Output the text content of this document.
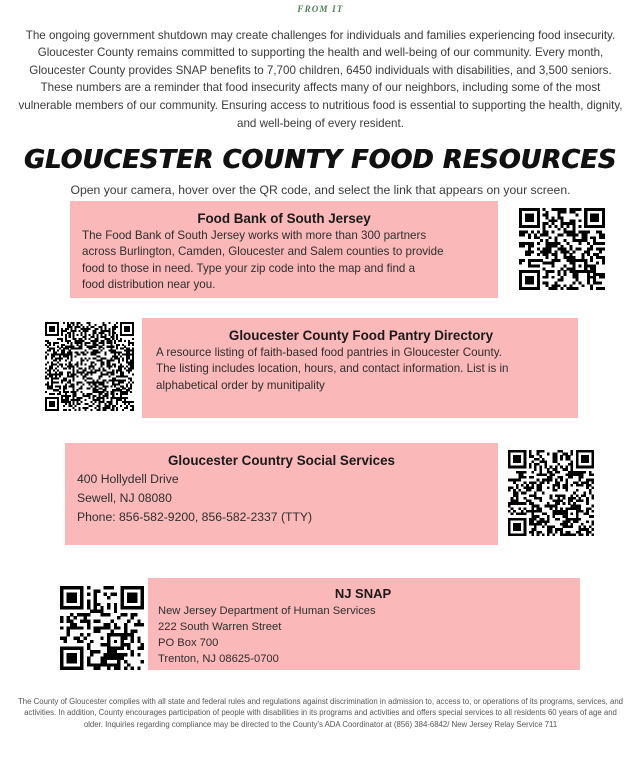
FROM IT

The ongoing government shutdown may create challenges for individuals and families experiencing food insecurity. Gloucester County remains committed to supporting the health and well-being of our community. Every month, Gloucester County provides SNAP benefits to 7,700 children, 6450 individuals with disabilities, and 3,500 seniors. These numbers are a reminder that food insecurity affects many of our neighbors, including some of the most vulnerable members of our community. Ensuring access to nutritious food is essential to supporting the health, dignity, and well-being of every resident.

GLOUCESTER COUNTY FOOD RESOURCES

Open your camera, hover over the QR code, and select the link that appears on your screen.

Food Bank of South Jersey
The Food Bank of South Jersey works with more than 300 partners
across Burlington, Camden, Gloucester and Salem counties to provide
food to those in need. Type your zip code into the map and find a
food distribution near you.
Gloucester County Food Pantry Directory
A resource listing of faith-based food pantries in Gloucester County.
The listing includes location, hours, and contact information. List is in
alphabetical order by munitipality
Gloucester Country Social Services
400 Hollydell Drive
Sewell, NJ 08080
Phone: 856-582-9200, 856-582-2337 (TTY)
NJ SNAP
New Jersey Department of Human Services
222 South Warren Street
PO Box 700
Trenton, NJ 08625-0700

The County of Gloucester complies with all state and federal rules and regulations against discrimination in admission to, access to, or operations of its programs, services, and activities. In addition, County encourages participation of people with disabilities in its programs and activities and offers special services to all residents 60 years of age and older. Inquiries regarding compliance may be directed to the County's ADA Coordinator at (856) 384-6842/ New Jersey Relay Service 711
